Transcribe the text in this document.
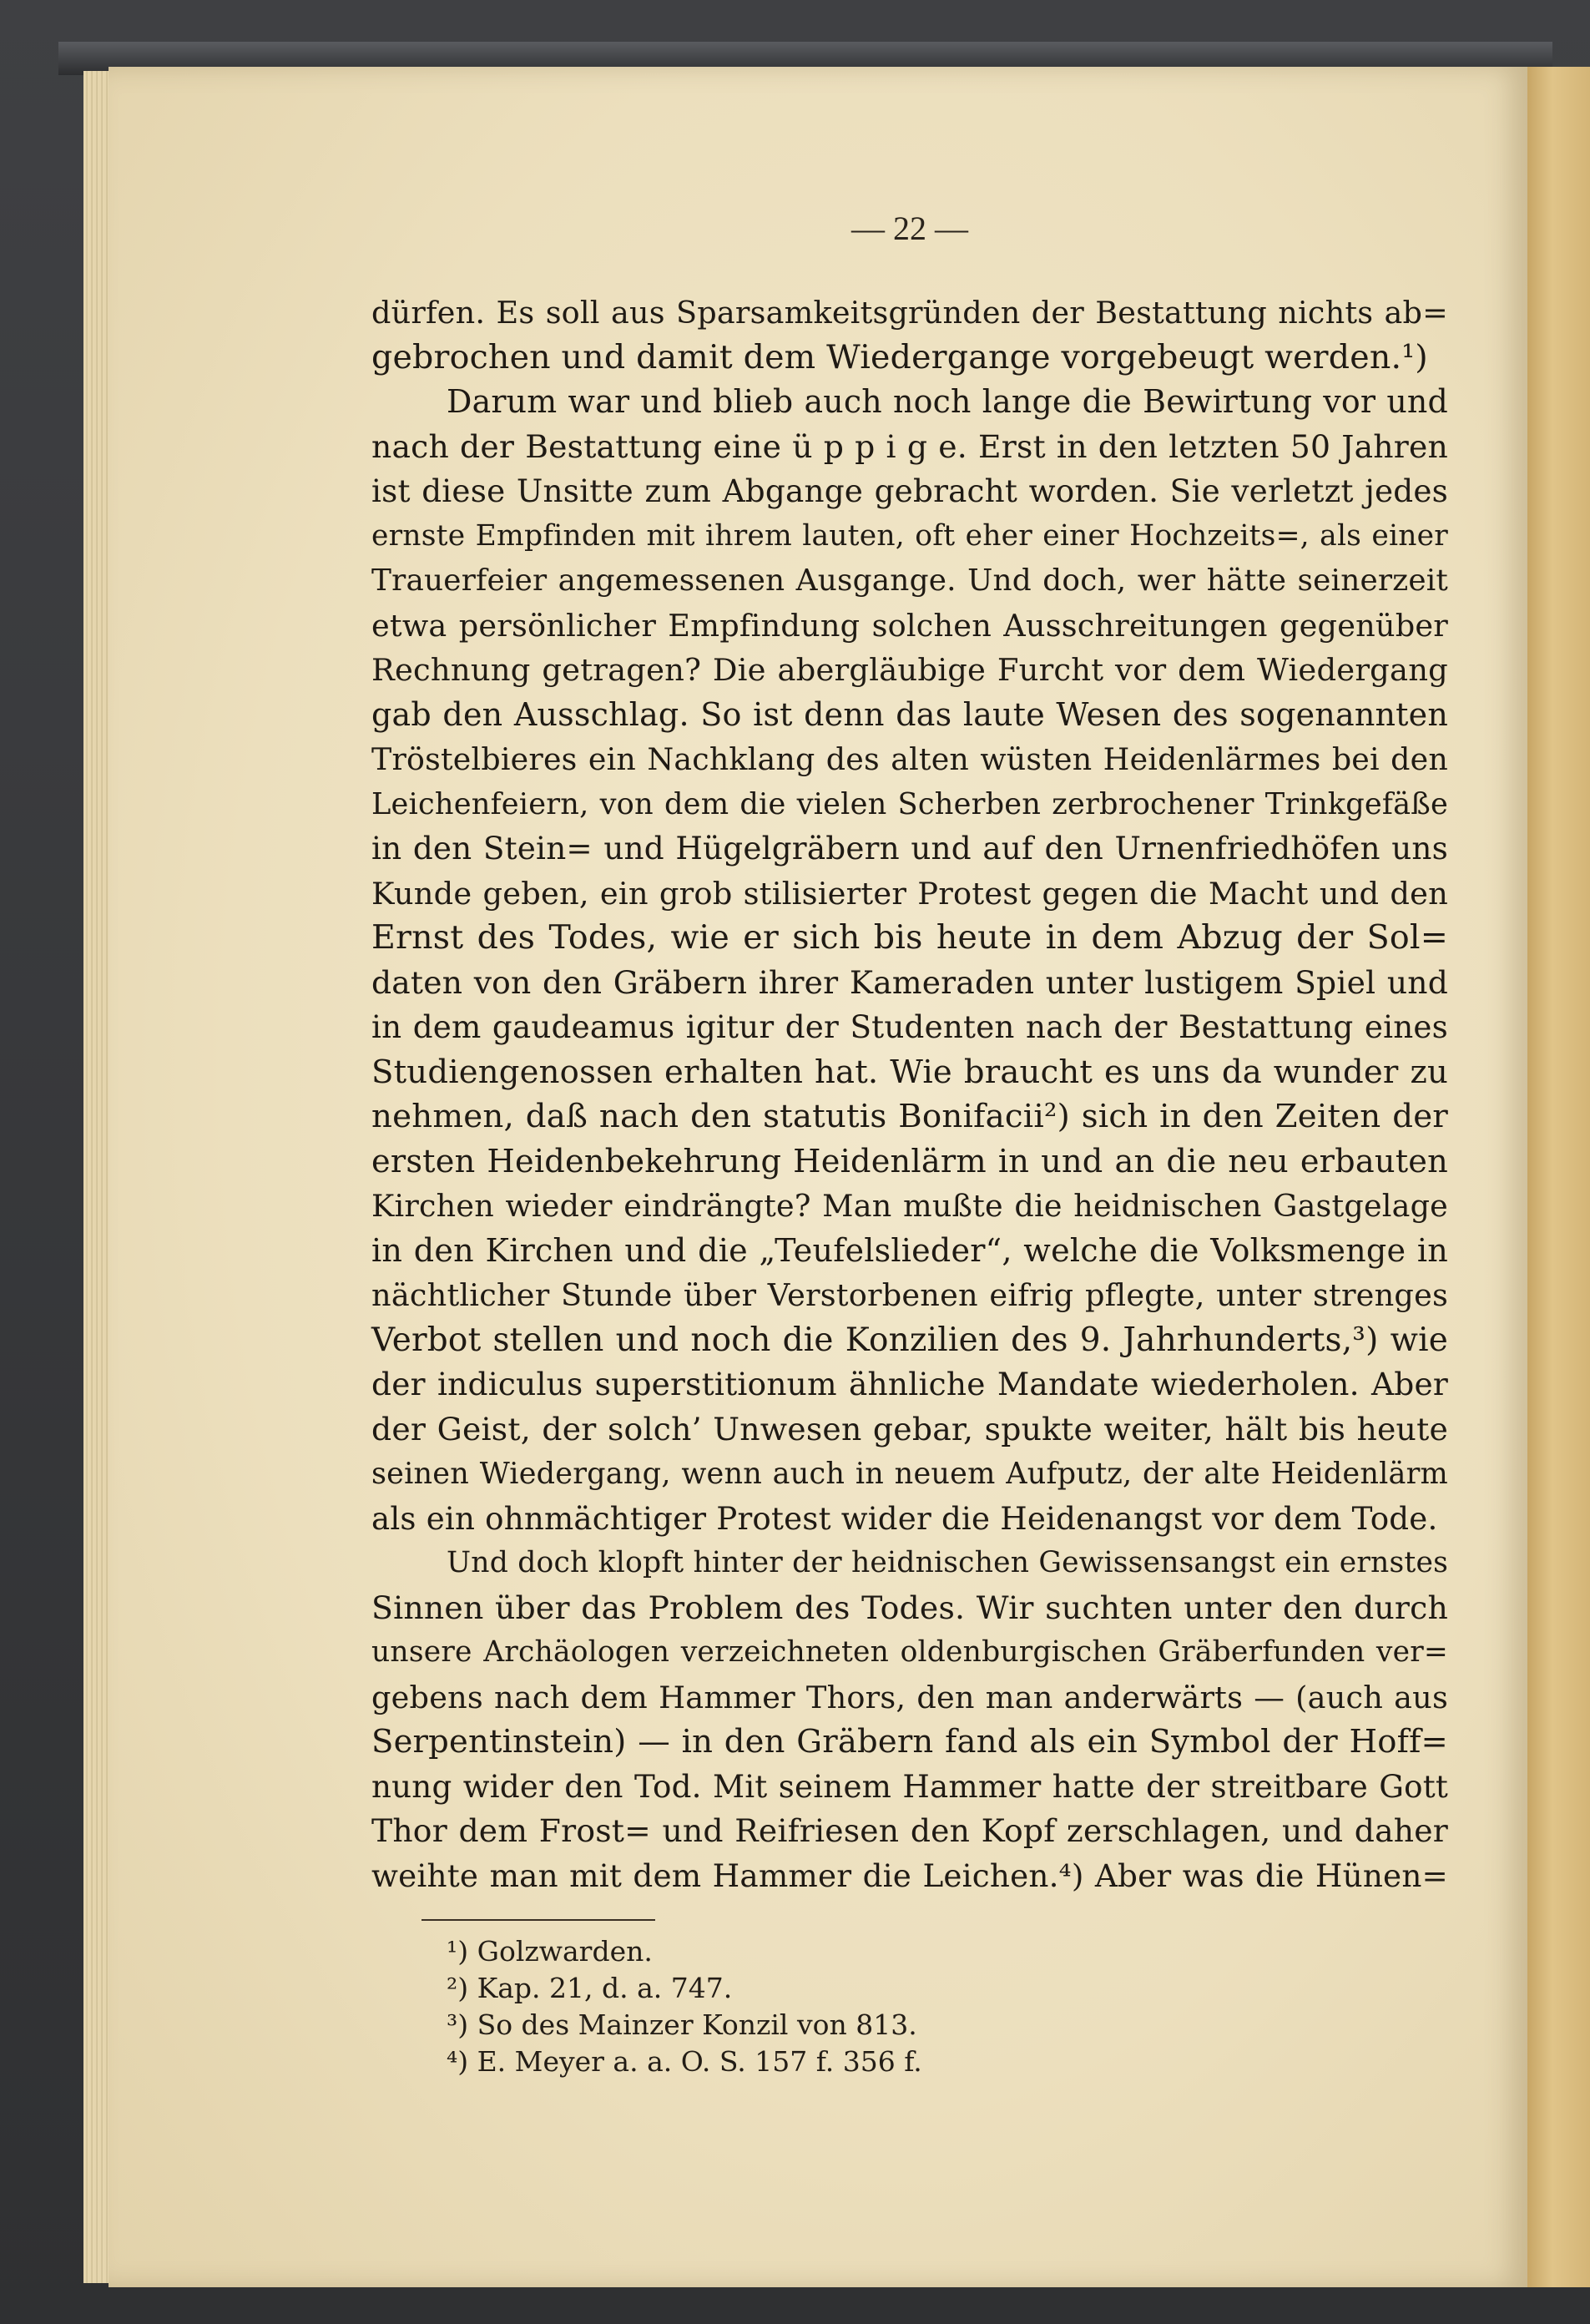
— 22 —

dürfen. Es soll aus Sparsamkeitsgründen der Bestattung nichts ab=
gebrochen und damit dem Wiedergange vorgebeugt werden.¹)

Darum war und blieb auch noch lange die Bewirtung vor und
nach der Bestattung eine ü p p i g e. Erst in den letzten 50 Jahren
ist diese Unsitte zum Abgange gebracht worden. Sie verletzt jedes
ernste Empfinden mit ihrem lauten, oft eher einer Hochzeits=, als einer
Trauerfeier angemessenen Ausgange. Und doch, wer hätte seinerzeit
etwa persönlicher Empfindung solchen Ausschreitungen gegenüber
Rechnung getragen? Die abergläubige Furcht vor dem Wiedergang
gab den Ausschlag. So ist denn das laute Wesen des sogenannten
Tröstelbieres ein Nachklang des alten wüsten Heidenlärmes bei den
Leichenfeiern, von dem die vielen Scherben zerbrochener Trinkgefäße
in den Stein= und Hügelgräbern und auf den Urnenfriedhöfen uns
Kunde geben, ein grob stilisierter Protest gegen die Macht und den
Ernst des Todes, wie er sich bis heute in dem Abzug der Sol=
daten von den Gräbern ihrer Kameraden unter lustigem Spiel und
in dem gaudeamus igitur der Studenten nach der Bestattung eines
Studiengenossen erhalten hat. Wie braucht es uns da wunder zu
nehmen, daß nach den statutis Bonifacii²) sich in den Zeiten der
ersten Heidenbekehrung Heidenlärm in und an die neu erbauten
Kirchen wieder eindrängte? Man mußte die heidnischen Gastgelage
in den Kirchen und die „Teufelslieder“, welche die Volksmenge in
nächtlicher Stunde über Verstorbenen eifrig pflegte, unter strenges
Verbot stellen und noch die Konzilien des 9. Jahrhunderts,³) wie
der indiculus superstitionum ähnliche Mandate wiederholen. Aber
der Geist, der solch’ Unwesen gebar, spukte weiter, hält bis heute
seinen Wiedergang, wenn auch in neuem Aufputz, der alte Heidenlärm
als ein ohnmächtiger Protest wider die Heidenangst vor dem Tode.

Und doch klopft hinter der heidnischen Gewissensangst ein ernstes
Sinnen über das Problem des Todes. Wir suchten unter den durch
unsere Archäologen verzeichneten oldenburgischen Gräberfunden ver=
gebens nach dem Hammer Thors, den man anderwärts — (auch aus
Serpentinstein) — in den Gräbern fand als ein Symbol der Hoff=
nung wider den Tod. Mit seinem Hammer hatte der streitbare Gott
Thor dem Frost= und Reifriesen den Kopf zerschlagen, und daher
weihte man mit dem Hammer die Leichen.⁴) Aber was die Hünen=

¹) Golzwarden.
²) Kap. 21, d. a. 747.
³) So des Mainzer Konzil von 813.
⁴) E. Meyer a. a. O. S. 157 f. 356 f.
